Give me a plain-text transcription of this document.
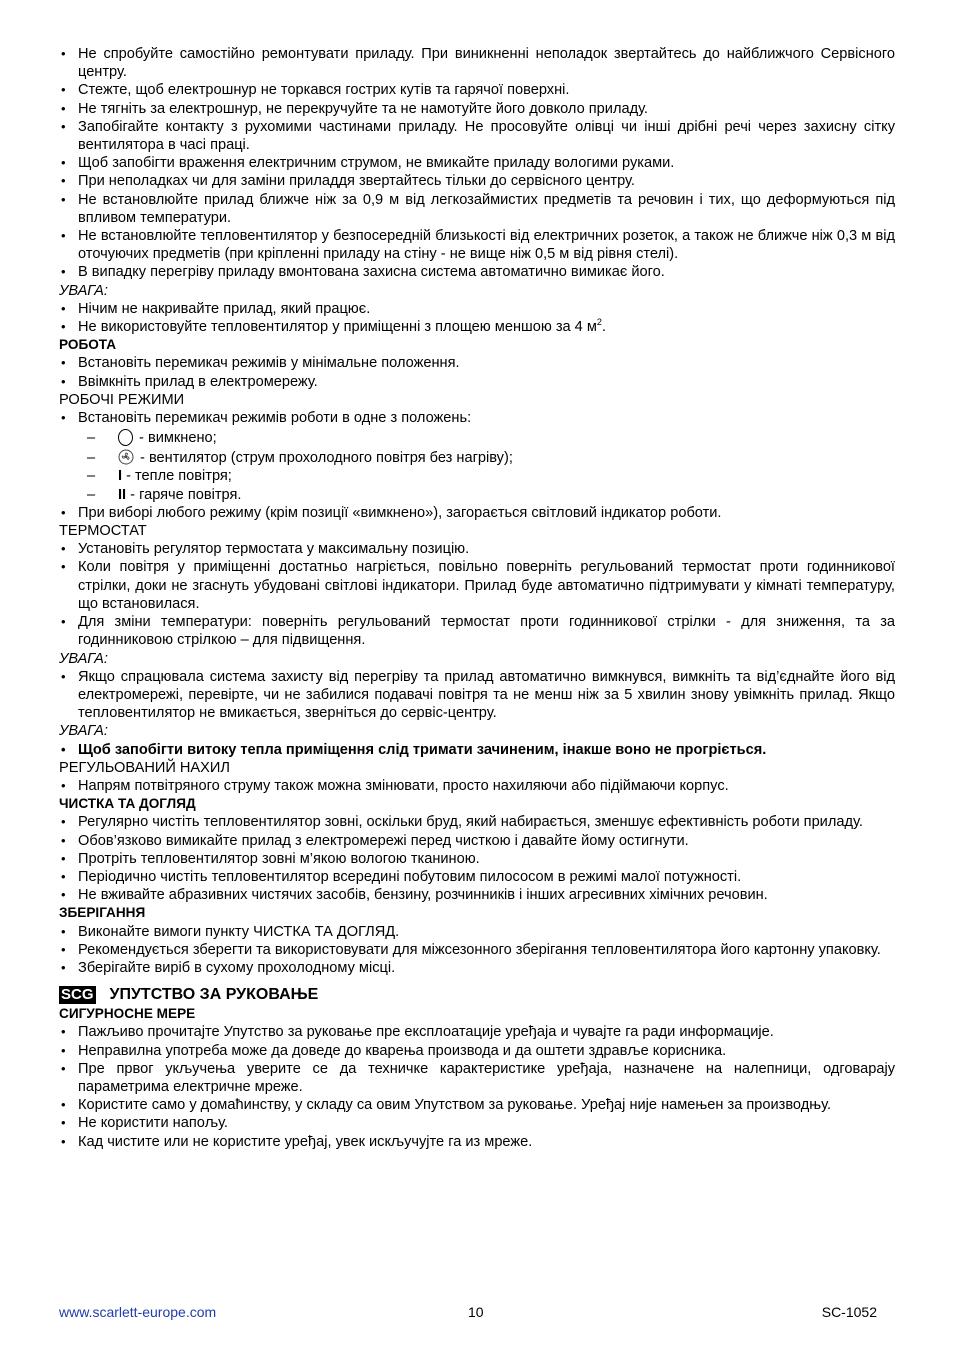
• Не спробуйте самостійно ремонтувати приладу. При виникненні неполадок звертайтесь до найближчого Сервісного центру.
• Стежте, щоб електрошнур не торкався гострих кутів та гарячої поверхні.
• Не тягніть за електрошнур, не перекручуйте та не намотуйте його довколо приладу.
• Запобігайте контакту з рухомими частинами приладу. Не просовуйте олівці чи інші дрібні речі через захисну сітку вентилятора в часі праці.
• Щоб запобігти враження електричним струмом, не вмикайте приладу вологими руками.
• При неполадках чи для заміни приладдя звертайтесь тільки до сервісного центру.
• Не встановлюйте прилад ближче ніж за 0,9 м від легкозаймистих предметів та речовин і тих, що деформуються під впливом температури.
• Не встановлюйте тепловентилятор у безпосередній близькості від електричних розеток, а також не ближче ніж 0,3 м від оточуючих предметів (при кріпленні приладу на стіну - не вище ніж 0,5 м від рівня стелі).
• В випадку перегріву приладу вмонтована захисна система автоматично вимикає його.
УВАГА:
• Нічим не накривайте прилад, який працює.
• Не використовуйте тепловентилятор у приміщенні з площею меншою за 4 $м^2$.
РОБОТА
• Встановіть перемикач режимів у мінімальне положення.
• Ввімкніть прилад в електромережу.
РОБОЧІ РЕЖИМИ
• Встановіть перемикач режимів роботи в одне з положень:
–	- вимкнено;
–	- вентилятор (струм прохолодного повітря без нагріву);
– I - тепле повітря;
– II - гаряче повітря.
• При виборі любого режиму (крім позиції «вимкнено»), загорається світловий індикатор роботи.
ТЕРМОСТАТ
• Установіть регулятор термостата у максимальну позицію.
• Коли повітря у приміщенні достатньо нагріється, повільно поверніть регульований термостат проти годинникової стрілки, доки не згаснуть убудовані світлові індикатори. Прилад буде автоматично підтримувати у кімнаті температуру, що встановилася.
• Для зміни температури: поверніть регульований термостат проти годинникової стрілки - для зниження, та за годинниковою стрілкою – для підвищення.
УВАГА:
• Якщо спрацювала система захисту від перегріву та прилад автоматично вимкнувся, вимкніть та від’єднайте його від електромережі, перевірте, чи не забилися подавачі повітря та не менш ніж за 5 хвилин знову увімкніть прилад. Якщо тепловентилятор не вмикається, зверніться до сервіс-центру.
УВАГА:
• Щоб запобігти витоку тепла приміщення слід тримати зачиненим, інакше воно не прогріється.
РЕГУЛЬОВАНИЙ НАХИЛ
• Напрям потвітряного струму також можна змінювати, просто нахиляючи або підіймаючи корпус.
ЧИСТКА ТА ДОГЛЯД
• Регулярно чистіть тепловентилятор зовні, оскільки бруд, який набирається, зменшує ефективність роботи приладу.
• Обов’язково вимикайте прилад з електромережі перед чисткою і давайте йому остигнути.
• Протріть тепловентилятор зовні м’якою вологою тканиною.
• Періодично чистіть тепловентилятор всередині побутовим пилососом в режимі малої потужності.
• Не вживайте абразивних чистячих засобів, бензину, розчинників і інших агресивних хімічних речовин.
ЗБЕРІГАННЯ
• Виконайте вимоги пункту ЧИСТКА ТА ДОГЛЯД.
• Рекомендується зберегти та використовувати для міжсезонного зберігання тепловентилятора його картонну упаковку.
• Зберігайте виріб в сухому прохолодному місці.
SCG УПУТСТВО ЗА РУКОВАЊЕ
СИГУРНОСНЕ МЕРЕ
• Пажљиво прочитајте Упутство за руковање пре експлоатације уређаја и чувајте га ради информације.
• Неправилна употреба може да доведе до кварења производа и да оштети здравље корисника.
• Пре првог укључења уверите се да техничке карактеристике уређаја, назначене на налепници, одговарају параметрима електричне мреже.
• Користите само у домаћинству, у складу са овим Упутством за руковање. Уређај није намењен за производњу.
• Не користити напољу.
• Кад чистите или не користите уређај, увек искључујте га из мреже.
www.scarlett-europe.com	10	SC-1052
